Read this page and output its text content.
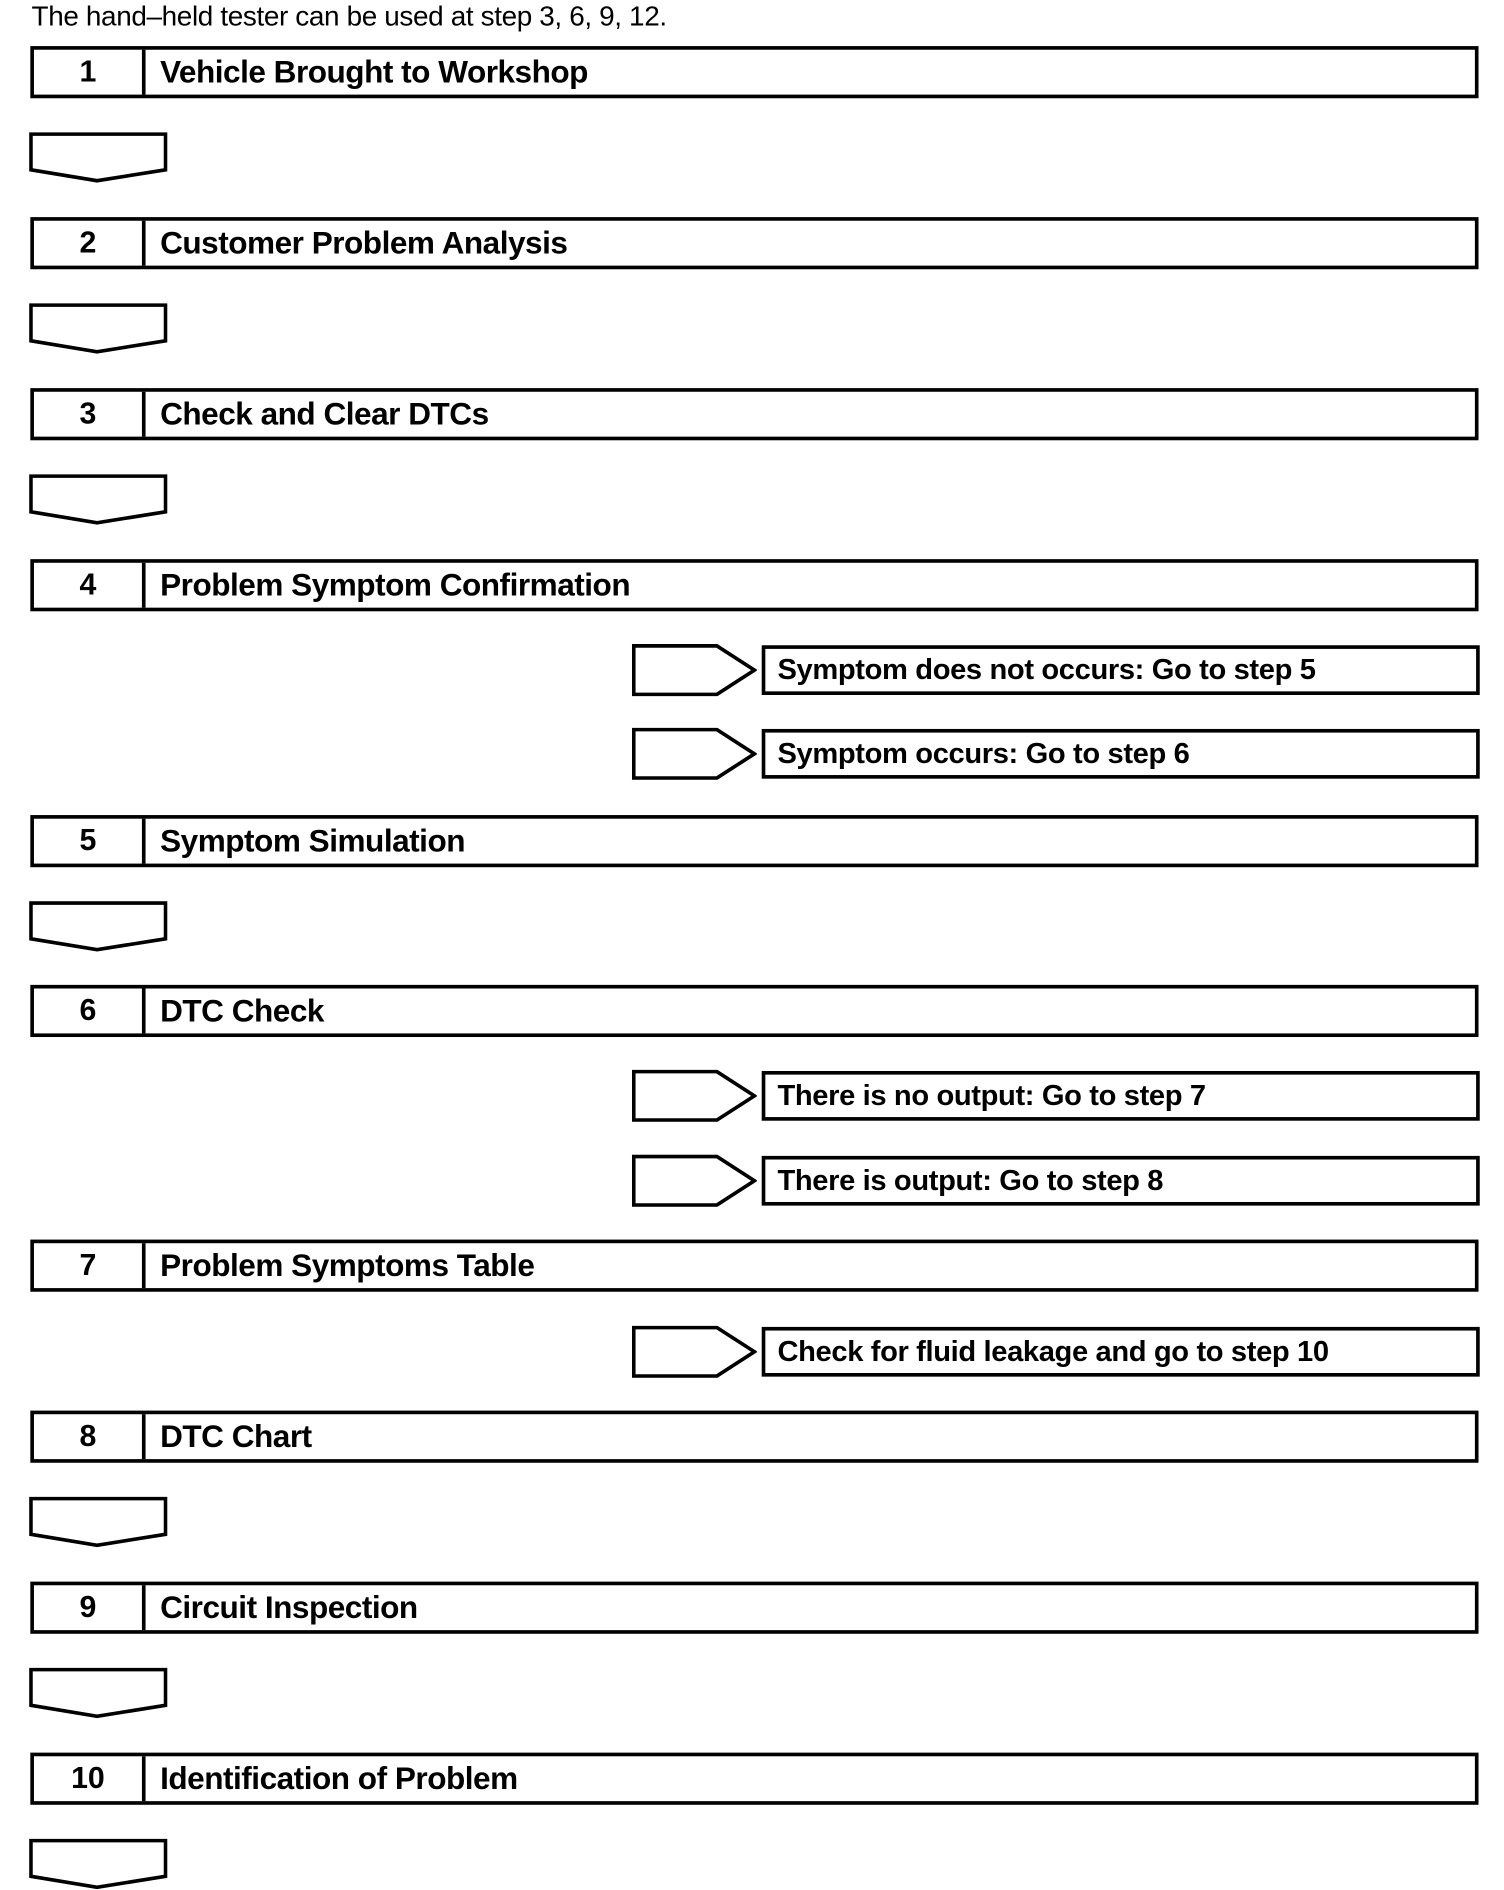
The hand–held tester can be used at step 3, 6, 9, 12.
1	Vehicle Brought to Workshop
2	Customer Problem Analysis
3	Check and Clear DTCs
4	Problem Symptom Confirmation
Symptom does not occurs: Go to step 5
Symptom occurs: Go to step 6
5	Symptom Simulation
6	DTC Check
There is no output: Go to step 7
There is output: Go to step 8
7	Problem Symptoms Table
Check for fluid leakage and go to step 10
8	DTC Chart
9	Circuit Inspection
10	Identification of Problem
